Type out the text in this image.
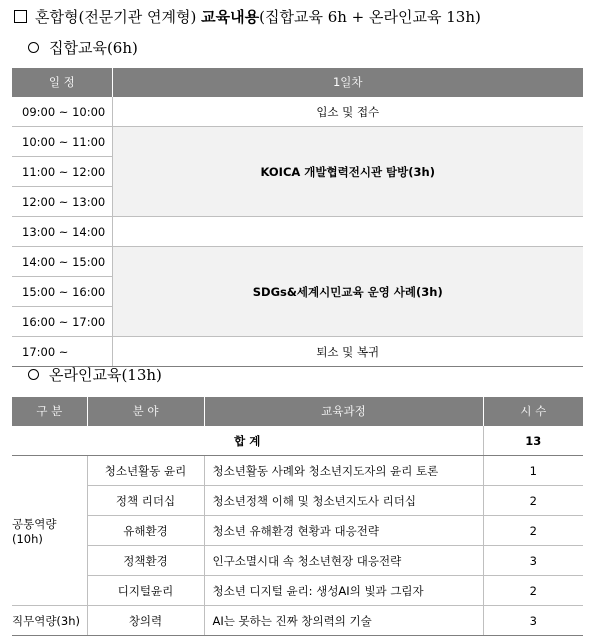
혼합형(전문기관 연계형) 교육내용 (집합교육 6h + 온라인교육 13h)
집합교육(6h)
일 정	1일차
09:00 ~ 10:00	입소 및 접수
10:00 ~ 11:00	KOICA 개발협력전시관 탐방(3h)
11:00 ~ 12:00	
12:00 ~ 13:00	
13:00 ~ 14:00	
14:00 ~ 15:00	SDGs&세계시민교육 운영 사례(3h)
15:00 ~ 16:00	
16:00 ~ 17:00	
17:00 ~	퇴소 및 복귀
온라인교육(13h)
구 분	분 야	교육과정	시 수
합 계			13
공통역량(10h)	청소년활동 윤리	청소년활동 사례와 청소년지도자의 윤리 토론	1
	정책 리더십	청소년정책 이해 및 청소년지도사 리더십	2
	유해환경	청소년 유해환경 현황과 대응전략	2
	정책환경	인구소멸시대 속 청소년현장 대응전략	3
	디지털윤리	청소년 디지털 윤리: 생성AI의 빛과 그림자	2
직무역량(3h)	창의력	AI는 못하는 진짜 창의력의 기술	3
